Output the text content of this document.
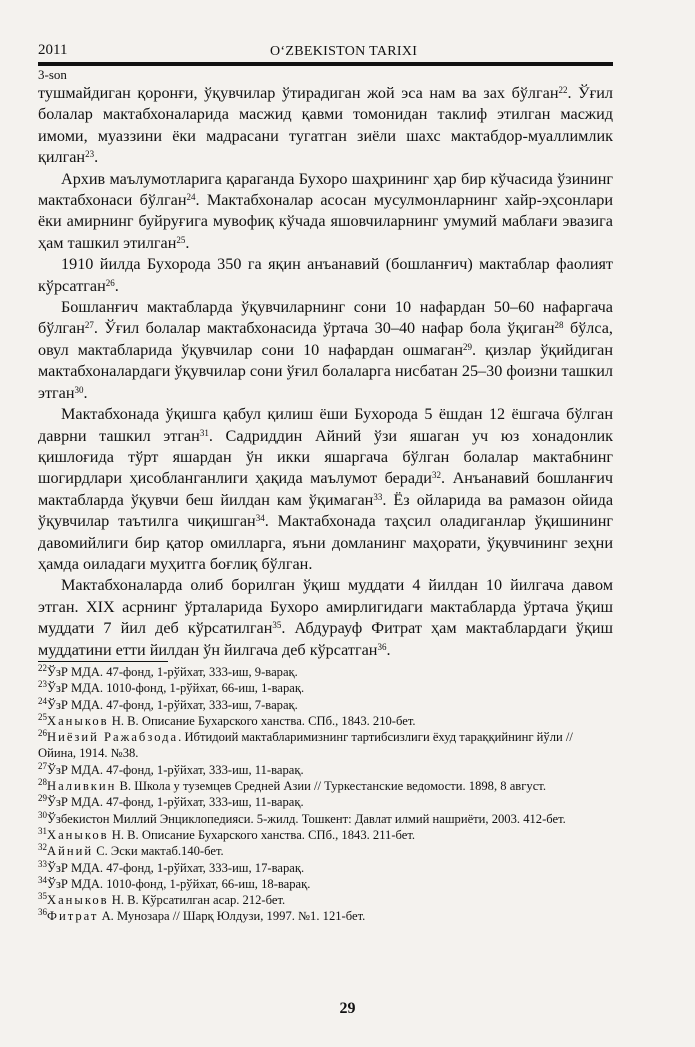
2011	O‘ZBEKISTON TARIXI
3-son

тушмайдиган қоронғи, ўқувчилар ўтирадиган жой эса нам ва зах бўлган$^{22}$. Ўғил болалар мактабхоналарида масжид қавми томонидан таклиф этилган масжид имоми, муаззини ёки мадрасани тугатган зиёли шахс мактабдор-муаллимлик қилган$^{23}$.

Архив маълумотларига қараганда Бухоро шаҳрининг ҳар бир кўчасида ўзининг мактабхонаси бўлган$^{24}$. Мактабхоналар асосан мусулмонларнинг хайр-эҳсонлари ёки амирнинг буйруғига мувофиқ кўчада яшовчиларнинг умумий маблағи эвазига ҳам ташкил этилган$^{25}$.

1910 йилда Бухорода 350 га яқин анъанавий (бошланғич) мактаблар фаолият кўрсатган$^{26}$.

Бошланғич мактабларда ўқувчиларнинг сони 10 нафардан 50–60 нафаргача бўлган$^{27}$. Ўғил болалар мактабхонасида ўртача 30–40 нафар бола ўқиган$^{28}$ бўлса, овул мактабларида ўқувчилар сони 10 нафардан ошмаган$^{29}$. қизлар ўқийдиган мактабхоналардаги ўқувчилар сони ўғил болаларга нисбатан 25–30 фоизни ташкил этган$^{30}$.

Мактабхонада ўқишга қабул қилиш ёши Бухорода 5 ёшдан 12 ёшгача бўлган даврни ташкил этган$^{31}$. Садриддин Айний ўзи яшаган уч юз хонадонлик қишлоғида тўрт яшардан ўн икки яшаргача бўлган болалар мактабнинг шогирдлари ҳисобланганлиги ҳақида маълумот беради$^{32}$. Анъанавий бошланғич мактабларда ўқувчи беш йилдан кам ўқимаган$^{33}$. Ёз ойларида ва рамазон ойида ўқувчилар таътилга чиқишган$^{34}$. Мактабхонада таҳсил оладиганлар ўқишининг давомийлиги бир қатор омилларга, яъни домланинг маҳорати, ўқувчининг зеҳни ҳамда оиладаги муҳитга боғлиқ бўлган.

Мактабхоналарда олиб борилган ўқиш муддати 4 йилдан 10 йилгача давом этган. XIX асрнинг ўрталарида Бухоро амирлигидаги мактабларда ўртача ўқиш муддати 7 йил деб кўрсатилган$^{35}$. Абдурауф Фитрат ҳам мактаблардаги ўқиш муддатини етти йилдан ўн йилгача деб кўрсатган$^{36}$.

$^{22}$ЎзР МДА. 47-фонд, 1-рўйхат, 333-иш, 9-варақ.
$^{23}$ЎзР МДА. 1010-фонд, 1-рўйхат, 66-иш, 1-варақ.
$^{24}$ЎзР МДА. 47-фонд, 1-рўйхат, 333-иш, 7-варақ.
$^{25}$Ханыков Н. В. Описание Бухарского ханства. СПб., 1843. 210-бет.
$^{26}$Ниёзий Ражабзода. Ибтидоий мактабларимизнинг тартибсизлиги ёхуд тараққийнинг йўли // Ойина, 1914. №38.
$^{27}$ЎзР МДА. 47-фонд, 1-рўйхат, 333-иш, 11-варақ.
$^{28}$Наливкин В. Школа у туземцев Средней Азии // Туркестанские ведомости. 1898, 8 август.
$^{29}$ЎзР МДА. 47-фонд, 1-рўйхат, 333-иш, 11-варақ.
$^{30}$Ўзбекистон Миллий Энциклопедияси. 5-жилд. Тошкент: Давлат илмий нашриёти, 2003. 412-бет.
$^{31}$Ханыков Н. В. Описание Бухарского ханства. СПб., 1843. 211-бет.
$^{32}$Айний С. Эски мактаб.140-бет.
$^{33}$ЎзР МДА. 47-фонд, 1-рўйхат, 333-иш, 17-варақ.
$^{34}$ЎзР МДА. 1010-фонд, 1-рўйхат, 66-иш, 18-варақ.
$^{35}$Ханыков Н. В. Кўрсатилган асар. 212-бет.
$^{36}$Фитрат А. Мунозара // Шарқ Юлдузи, 1997. №1. 121-бет.
29
